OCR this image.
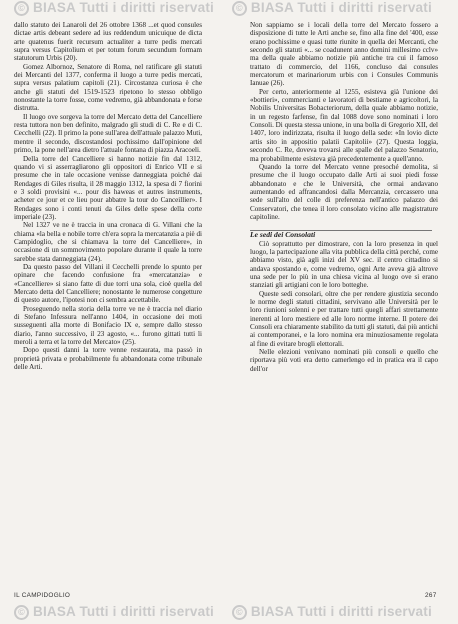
© BIASA Tutti i diritti riservati © BIASA Tutti i diritti riservati

dallo statuto dei Lanaroli del 26 ottobre 1368 ...et quod consules dictae artis debeant sedere ad ius reddendum unicuique de dicta arte quatenus fuerit recursum actualiter a turre pedis mercati supra versus Capitolium et per totum forum secundum formam statutorum Urbis (20).

Gomez Albornoz, Senatore di Roma, nel ratificare gli statuti dei Mercanti del 1377, conferma il luogo a turre pedis mercati, supra versus palatium capitoli (21). Circostanza curiosa è che anche gli statuti del 1519-1523 ripetono lo stesso obbligo nonostante la torre fosse, come vedremo, già abbandonata e forse distrutta.

Il luogo ove sorgeva la torre del Mercato detta del Cancelliere resta tuttora non ben definito, malgrado gli studi di C. Re e di C. Cecchelli (22). Il primo la pone sull'area dell'attuale palazzo Muti, mentre il secondo, discostandosi pochissimo dall'opinione del primo, la pone nell'area dietro l'attuale fontana di piazza Aracoeli.

Della torre del Cancelliere si hanno notizie fin dal 1312, quando vi si asserragliarono gli oppositori di Enrico VII e si presume che in tale occasione venisse danneggiata poiché dai Rendages di Giles risulta, il 28 maggio 1312, la spesa di 7 fiorini e 3 soldi provisini «... pour dis haweas et autres instruments, acheter ce jour et ce lieu pour abbatre la tour do Canceillier». I Rendages sono i conti tenuti da Giles delle spese della corte imperiale (23).

Nel 1327 ve ne è traccia in una cronaca di G. Villani che la chiama «la bella e nobile torre ch'era sopra la mercatanzia a piè di Campidoglio, che si chiamava la torre del Cancelliere», in occasione di un sommovimento popolare durante il quale la torre sarebbe stata danneggiata (24).

Da questo passo del Villani il Cecchelli prende lo spunto per opinare che facendo confusione fra «mercatanzia» e «Cancelliere» si siano fatte di due torri una sola, cioè quella del Mercato detta del Cancelliere; nonostante le numerose congetture di questo autore, l'ipotesi non ci sembra accettabile.

Proseguendo nella storia della torre ve ne è traccia nel diario di Stefano Infessura nell'anno 1404, in occasione dei moti susseguenti alla morte di Bonifacio IX e, sempre dallo stesso diario, l'anno successivo, il 23 agosto, «... furono gittati tutti li meroli a terra et la torre del Mercato» (25).

Dopo questi danni la torre venne restaurata, ma passò in proprietà privata e probabilmente fu abbandonata come tribunale delle Arti.

Non sappiamo se i locali della torre del Mercato fossero a disposizione di tutte le Arti anche se, fino alla fine del '400, esse erano pochissime e quasi tutte riunite in quella dei Mercanti, che secondo gli statuti «... se coadunent anno domini millesimo cclv» ma della quale abbiamo notizie più antiche tra cui il famoso trattato di commercio, del 1166, concluso dai consules mercatorum et marinariorum urbis con i Consules Communis Ianuae (26).

Per certo, anteriormente al 1255, esisteva già l'unione dei «bottieri», commercianti e lavoratori di bestiame e agricoltori, la Nobilis Universitas Bobacteriorum, della quale abbiamo notizie, in un regesto farfense, fin dal 1088 dove sono nominati i loro Consoli. Di questa stessa unione, in una bolla di Gregorio XII, del 1407, loro indirizzata, risulta il luogo della sede: «In lovio dicte artis sito in appositio palatii Capitolii» (27). Questa loggia, secondo C. Re, doveva trovarsi alle spalle del palazzo Senatorio, ma probabilmente esisteva già precedentemente a quell'anno.

Quando la torre del Mercato venne presoché demolita, si presume che il luogo occupato dalle Arti ai suoi piedi fosse abbandonato e che le Università, che ormai andavano aumentando ed affrancandosi dalla Mercanzia, cercassero una sede sull'alto del colle di preferenza nell'antico palazzo dei Conservatori, che tenea il loro consolato vicino alle magistrature capitoline.

Le sedi dei Consolati

Ciò soprattutto per dimostrare, con la loro presenza in quel luogo, la partecipazione alla vita pubblica della città perché, come abbiamo visto, già agli inizi del XV sec. il centro cittadino si andava spostando e, come vedremo, ogni Arte aveva già altrove una sede per lo più in una chiesa vicina al luogo ove si erano stanziati gli artigiani con le loro botteghe.

Queste sedi consolari, oltre che per rendere giustizia secondo le norme degli statuti cittadini, servivano alle Università per le loro riunioni solenni e per trattare tutti quegli affari strettamente inerenti al loro mestiere ed alle loro norme interne. Il potere dei Consoli era chiaramente stabilito da tutti gli statuti, dai più antichi ai contemporanei, e la loro nomina era minuziosamente regolata al fine di evitare brogli elettorali.

Nelle elezioni venivano nominati più consoli e quello che riportava più voti era detto camerlengo ed in pratica era il capo dell'or

IL CAMPIDOGLIO	267
© BIASA Tutti i diritti riservati © BIASA Tutti i diritti riservati
